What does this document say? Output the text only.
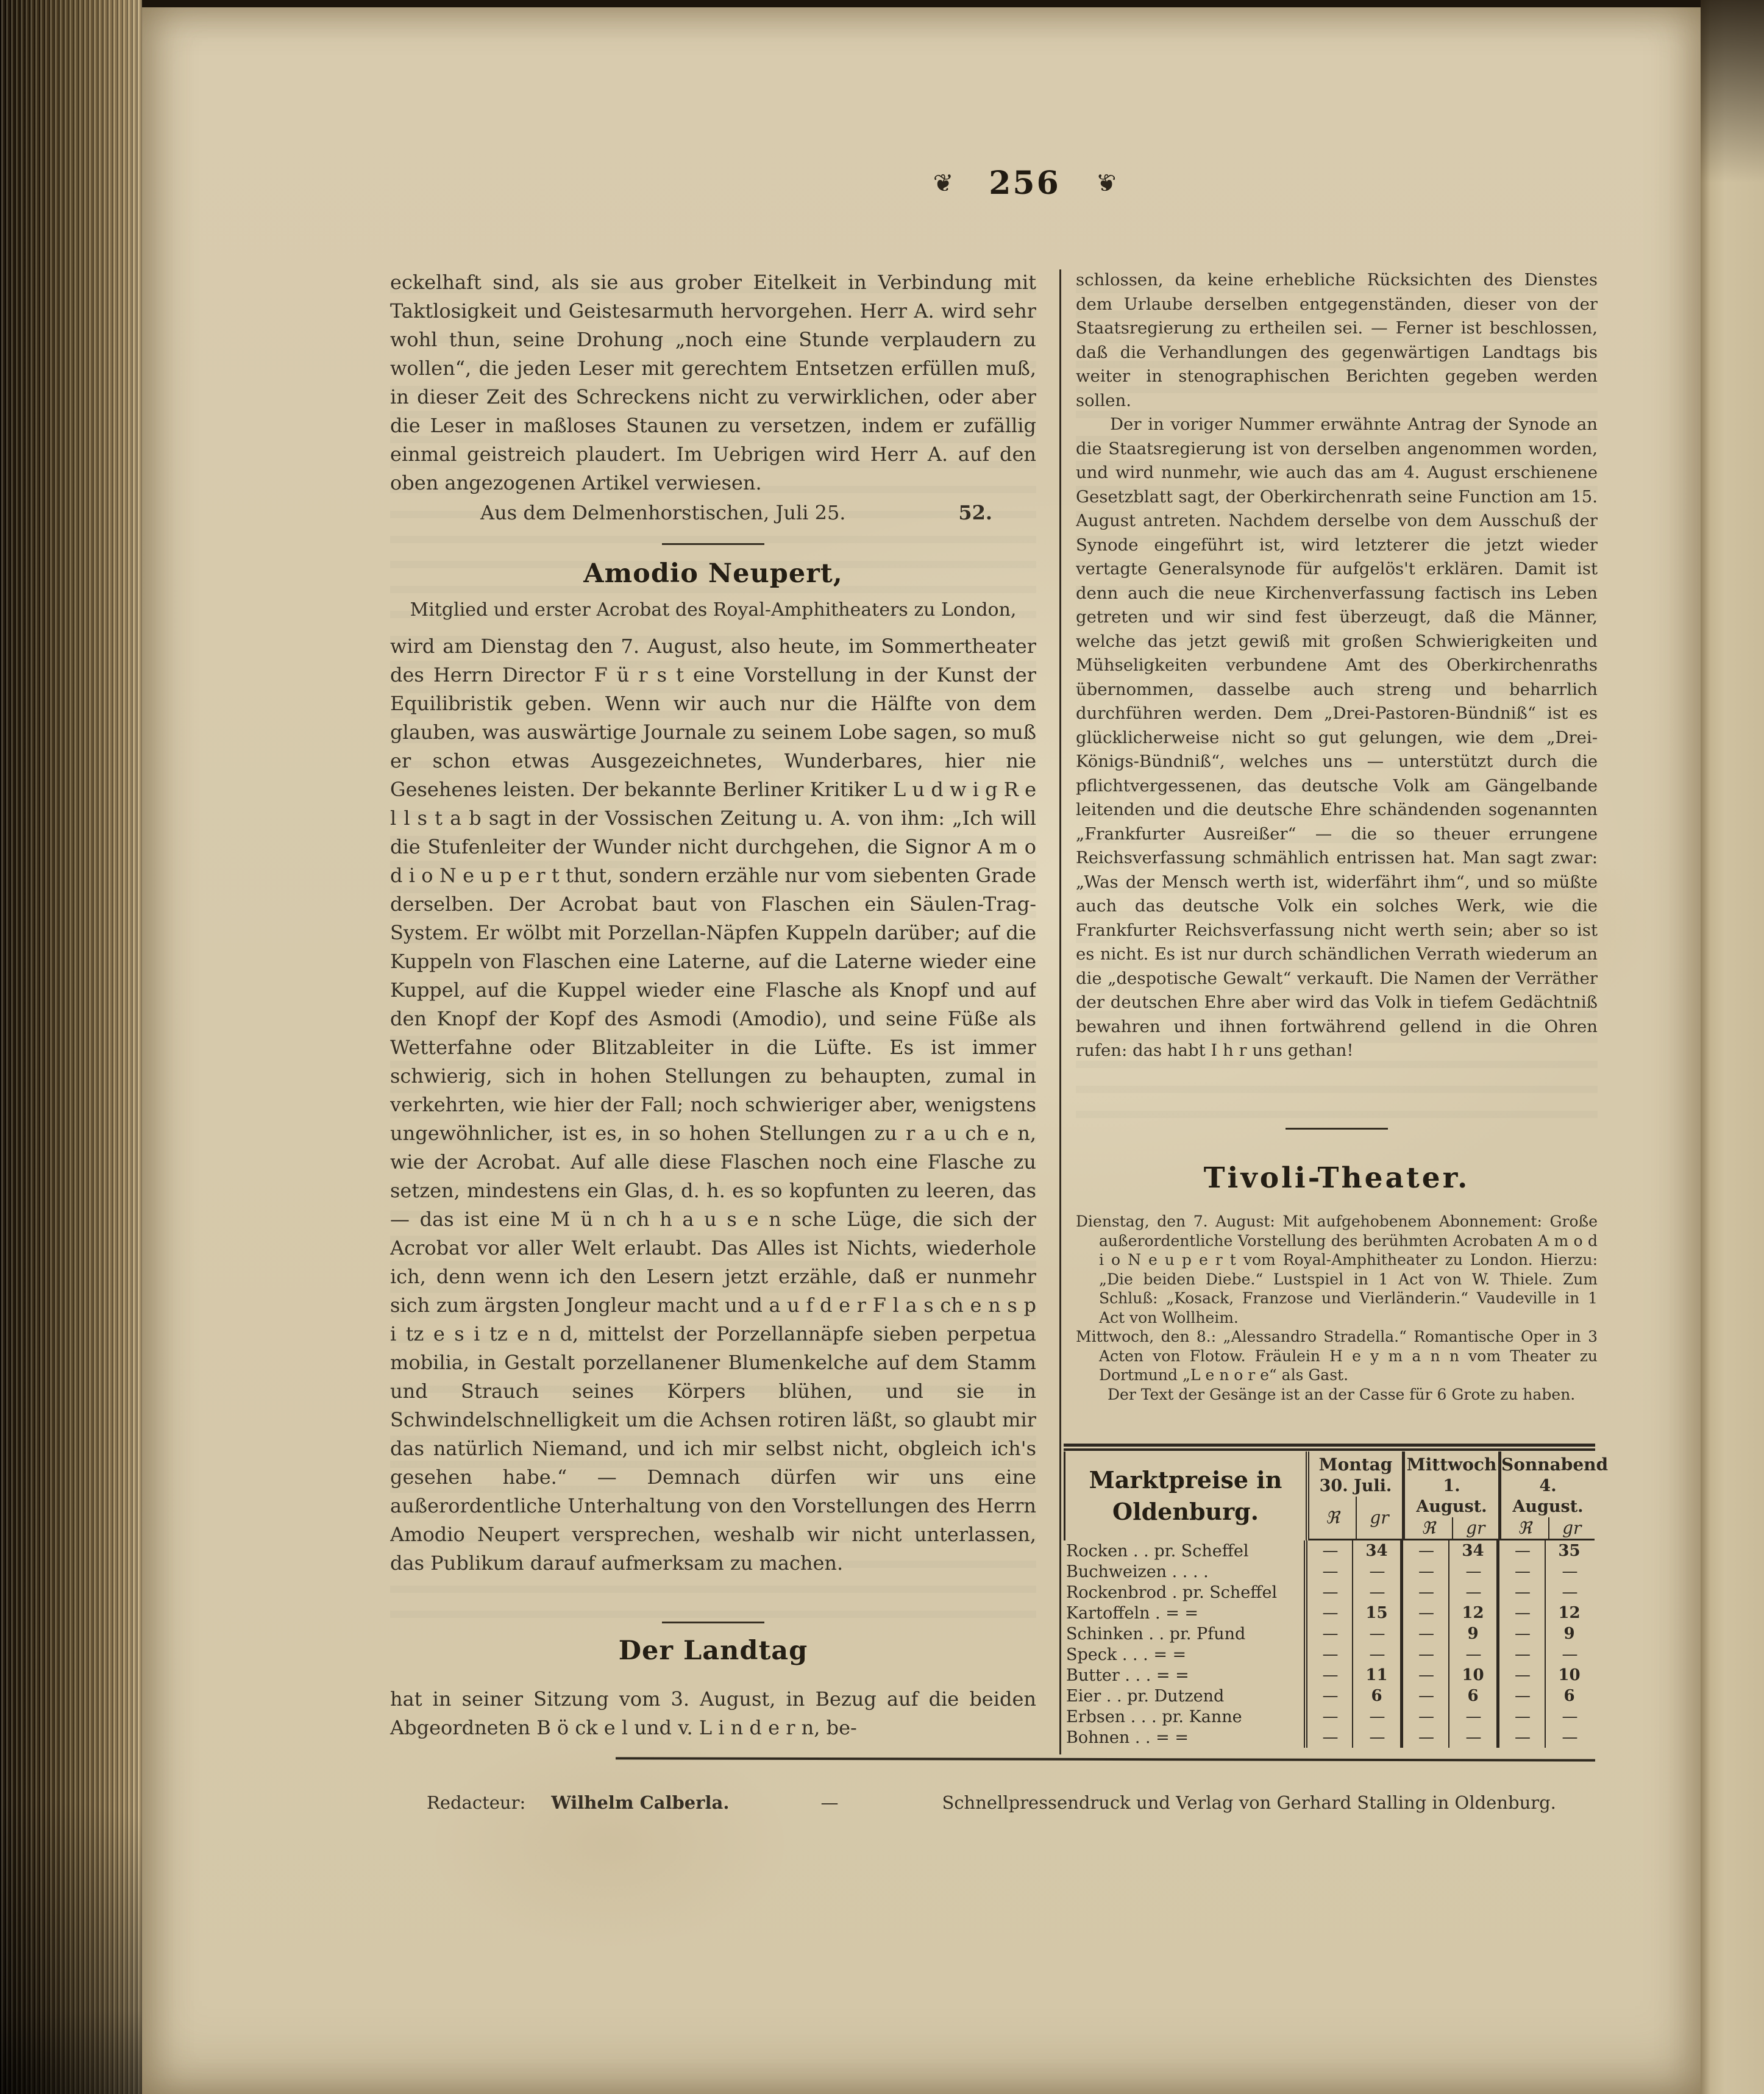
❦ 256 ❦

eckelhaft sind, als sie aus grober Eitelkeit in Verbindung mit Taktlosigkeit und Geistesarmuth hervorgehen. Herr A. wird sehr wohl thun, seine Drohung „noch eine Stunde verplaudern zu wollen“, die jeden Leser mit gerechtem Entsetzen erfüllen muß, in dieser Zeit des Schreckens nicht zu verwirklichen, oder aber die Leser in maßloses Staunen zu versetzen, indem er zufällig einmal geistreich plaudert. Im Uebrigen wird Herr A. auf den oben angezogenen Artikel verwiesen.

Aus dem Delmenhorstischen, Juli 25.	52.
Amodio Neupert,

Mitglied und erster Acrobat des Royal-Amphitheaters zu London,

wird am Dienstag den 7. August, also heute, im Sommertheater des Herrn Director F ü r s t eine Vorstellung in der Kunst der Equilibristik geben. Wenn wir auch nur die Hälfte von dem glauben, was auswärtige Journale zu seinem Lobe sagen, so muß er schon etwas Ausgezeichnetes, Wunderbares, hier nie Gesehenes leisten. Der bekannte Berliner Kritiker L u d w i g R e l l s t a b sagt in der Vossischen Zeitung u. A. von ihm: „Ich will die Stufenleiter der Wunder nicht durchgehen, die Signor A m o d i o N e u p e r t thut, sondern erzähle nur vom siebenten Grade derselben. Der Acrobat baut von Flaschen ein Säulen-Trag-System. Er wölbt mit Porzellan-Näpfen Kuppeln darüber; auf die Kuppeln von Flaschen eine Laterne, auf die Laterne wieder eine Kuppel, auf die Kuppel wieder eine Flasche als Knopf und auf den Knopf der Kopf des Asmodi (Amodio), und seine Füße als Wetterfahne oder Blitzableiter in die Lüfte. Es ist immer schwierig, sich in hohen Stellungen zu behaupten, zumal in verkehrten, wie hier der Fall; noch schwieriger aber, wenigstens ungewöhnlicher, ist es, in so hohen Stellungen zu r a u ch e n, wie der Acrobat. Auf alle diese Flaschen noch eine Flasche zu setzen, mindestens ein Glas, d. h. es so kopfunten zu leeren, das — das ist eine M ü n ch h a u s e n sche Lüge, die sich der Acrobat vor aller Welt erlaubt. Das Alles ist Nichts, wiederhole ich, denn wenn ich den Lesern jetzt erzähle, daß er nunmehr sich zum ärgsten Jongleur macht und a u f d e r F l a s ch e n s p i tz e s i tz e n d, mittelst der Porzellannäpfe sieben perpetua mobilia, in Gestalt porzellanener Blumenkelche auf dem Stamm und Strauch seines Körpers blühen, und sie in Schwindelschnelligkeit um die Achsen rotiren läßt, so glaubt mir das natürlich Niemand, und ich mir selbst nicht, obgleich ich's gesehen habe.“ — Demnach dürfen wir uns eine außerordentliche Unterhaltung von den Vorstellungen des Herrn Amodio Neupert versprechen, weshalb wir nicht unterlassen, das Publikum darauf aufmerksam zu machen.

Der Landtag

hat in seiner Sitzung vom 3. August, in Bezug auf die beiden Abgeordneten B ö ck e l und v. L i n d e r n, be-

schlossen, da keine erhebliche Rücksichten des Dienstes dem Urlaube derselben entgegenständen, dieser von der Staatsregierung zu ertheilen sei. — Ferner ist beschlossen, daß die Verhandlungen des gegenwärtigen Landtags bis weiter in stenographischen Berichten gegeben werden sollen.

Der in voriger Nummer erwähnte Antrag der Synode an die Staatsregierung ist von derselben angenommen worden, und wird nunmehr, wie auch das am 4. August erschienene Gesetzblatt sagt, der Oberkirchenrath seine Function am 15. August antreten. Nachdem derselbe von dem Ausschuß der Synode eingeführt ist, wird letzterer die jetzt wieder vertagte Generalsynode für aufgelös't erklären. Damit ist denn auch die neue Kirchenverfassung factisch ins Leben getreten und wir sind fest überzeugt, daß die Männer, welche das jetzt gewiß mit großen Schwierigkeiten und Mühseligkeiten verbundene Amt des Oberkirchenraths übernommen, dasselbe auch streng und beharrlich durchführen werden. Dem „Drei-Pastoren-Bündniß“ ist es glücklicherweise nicht so gut gelungen, wie dem „Drei-Königs-Bündniß“, welches uns — unterstützt durch die pflichtvergessenen, das deutsche Volk am Gängelbande leitenden und die deutsche Ehre schändenden sogenannten „Frankfurter Ausreißer“ — die so theuer errungene Reichsverfassung schmählich entrissen hat. Man sagt zwar: „Was der Mensch werth ist, widerfährt ihm“, und so müßte auch das deutsche Volk ein solches Werk, wie die Frankfurter Reichsverfassung nicht werth sein; aber so ist es nicht. Es ist nur durch schändlichen Verrath wiederum an die „despotische Gewalt“ verkauft. Die Namen der Verräther der deutschen Ehre aber wird das Volk in tiefem Gedächtniß bewahren und ihnen fortwährend gellend in die Ohren rufen: das habt I h r uns gethan!

Tivoli-Theater.

Dienstag, den 7. August: Mit aufgehobenem Abonnement: Große außerordentliche Vorstellung des berühmten Acrobaten A m o d i o N e u p e r t vom Royal-Amphitheater zu London. Hierzu: „Die beiden Diebe.“ Lustspiel in 1 Act von W. Thiele. Zum Schluß: „Kosack, Franzose und Vierländerin.“ Vaudeville in 1 Act von Wollheim.

Mittwoch, den 8.: „Alessandro Stradella.“ Romantische Oper in 3 Acten von Flotow. Fräulein H e y m a n n vom Theater zu Dortmund „L e n o r e“ als Gast.

Der Text der Gesänge ist an der Casse für 6 Grote zu haben.

Marktpreise in
Oldenburg.
Montag
30. Juli.
ℜ	gr
Mittwoch
1. August.
ℜ	gr
Sonnabend
4. August.
ℜ	gr
Rocken . . pr. Scheffel	—	34	—	34	—	35
Buchweizen . . . .	—	—	—	—	—	—
Rockenbrod . pr. Scheffel	—	—	—	—	—	—
Kartoffeln . = =	—	15	—	12	—	12
Schinken . . pr. Pfund	—	—	—	9	—	9
Speck . . . = =	—	—	—	—	—	—
Butter . . . = =	—	11	—	10	—	10
Eier . . pr. Dutzend	—	6	—	6	—	6
Erbsen . . . pr. Kanne	—	—	—	—	—	—
Bohnen . . = =	—	—	—	—	—	—
Redacteur: Wilhelm Calberla.	—	Schnellpressendruck und Verlag von Gerhard Stalling in Oldenburg.
